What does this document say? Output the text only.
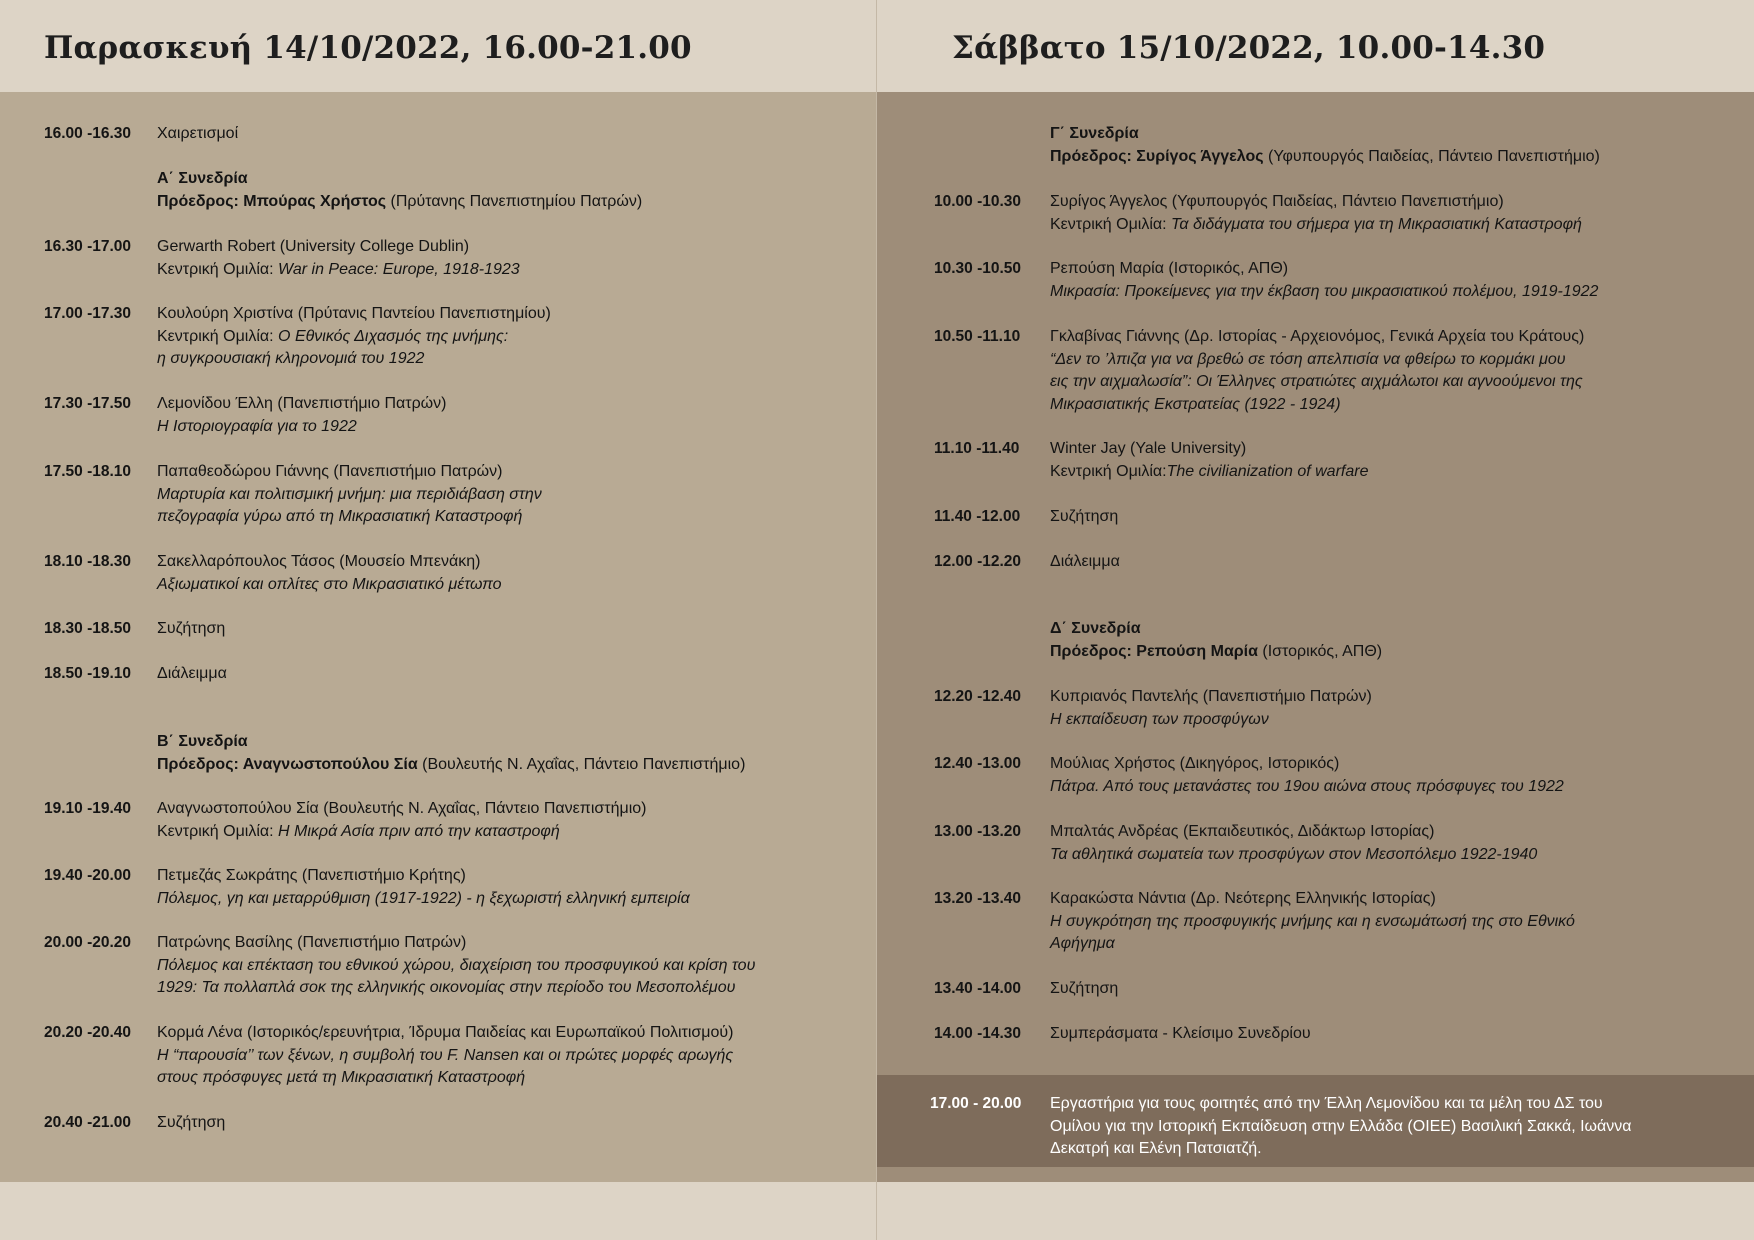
Παρασκευή 14/10/2022, 16.00-21.00
16.00 -16.30 Χαιρετισμοί
Α΄ Συνεδρία
Πρόεδρος: Μπούρας Χρήστος (Πρύτανης Πανεπιστημίου Πατρών)
16.30 -17.00 Gerwarth Robert (University College Dublin)
Κεντρική Ομιλία: War in Peace: Europe, 1918-1923
17.00 -17.30 Κουλούρη Χριστίνα (Πρύτανις Παντείου Πανεπιστημίου)
Κεντρική Ομιλία: Ο Εθνικός Διχασμός της μνήμης:
η συγκρουσιακή κληρονομιά του 1922
17.30 -17.50 Λεμονίδου Έλλη (Πανεπιστήμιο Πατρών)
Η Ιστοριογραφία για το 1922
17.50 -18.10 Παπαθεοδώρου Γιάννης (Πανεπιστήμιο Πατρών)
Μαρτυρία και πολιτισμική μνήμη: μια περιδιάβαση στην
πεζογραφία γύρω από τη Μικρασιατική Καταστροφή
18.10 -18.30 Σακελλαρόπουλος Τάσος (Μουσείο Μπενάκη)
Αξιωματικοί και οπλίτες στο Μικρασιατικό μέτωπο
18.30 -18.50 Συζήτηση
18.50 -19.10 Διάλειμμα
Β΄ Συνεδρία
Πρόεδρος: Αναγνωστοπούλου Σία (Βουλευτής Ν. Αχαΐας, Πάντειο Πανεπιστήμιο)
19.10 -19.40 Αναγνωστοπούλου Σία (Βουλευτής Ν. Αχαΐας, Πάντειο Πανεπιστήμιο)
Κεντρική Ομιλία: Η Μικρά Ασία πριν από την καταστροφή
19.40 -20.00 Πετμεζάς Σωκράτης (Πανεπιστήμιο Κρήτης)
Πόλεμος, γη και μεταρρύθμιση (1917-1922) - η ξεχωριστή ελληνική εμπειρία
20.00 -20.20 Πατρώνης Βασίλης (Πανεπιστήμιο Πατρών)
Πόλεμος και επέκταση του εθνικού χώρου, διαχείριση του προσφυγικού και κρίση του
1929: Τα πολλαπλά σοκ της ελληνικής οικονομίας στην περίοδο του Μεσοπολέμου
20.20 -20.40 Κορμά Λένα (Ιστορικός/ερευνήτρια, Ίδρυμα Παιδείας και Ευρωπαϊκού Πολιτισμού)
Η “παρουσία’’ των ξένων, η συμβολή του F. Nansen και οι πρώτες μορφές αρωγής
στους πρόσφυγες μετά τη Μικρασιατική Καταστροφή
20.40 -21.00 Συζήτηση
Σάββατο 15/10/2022, 10.00-14.30
Γ΄ Συνεδρία
Πρόεδρος: Συρίγος Άγγελος (Υφυπουργός Παιδείας, Πάντειο Πανεπιστήμιο)
10.00 -10.30 Συρίγος Άγγελος (Υφυπουργός Παιδείας, Πάντειο Πανεπιστήμιο)
Κεντρική Ομιλία: Τα διδάγματα του σήμερα για τη Μικρασιατική Καταστροφή
10.30 -10.50 Ρεπούση Μαρία (Ιστορικός, ΑΠΘ)
Μικρασία: Προκείμενες για την έκβαση του μικρασιατικού πολέμου, 1919-1922
10.50 -11.10 Γκλαβίνας Γιάννης (Δρ. Ιστορίας - Αρχειονόμος, Γενικά Αρχεία του Κράτους)
“Δεν το ’λπιζα για να βρεθώ σε τόση απελπισία να φθείρω το κορμάκι μου
εις την αιχμαλωσία”: Οι Έλληνες στρατιώτες αιχμάλωτοι και αγνοούμενοι της
Μικρασιατικής Εκστρατείας (1922 - 1924)
11.10 -11.40 Winter Jay (Yale University)
Κεντρική Ομιλία:The civilianization of warfare
11.40 -12.00 Συζήτηση
12.00 -12.20 Διάλειμμα
Δ΄ Συνεδρία
Πρόεδρος: Ρεπούση Μαρία (Ιστορικός, ΑΠΘ)
12.20 -12.40 Κυπριανός Παντελής (Πανεπιστήμιο Πατρών)
Η εκπαίδευση των προσφύγων
12.40 -13.00 Μούλιας Χρήστος (Δικηγόρος, Ιστορικός)
Πάτρα. Από τους μετανάστες του 19ου αιώνα στους πρόσφυγες του 1922
13.00 -13.20 Μπαλτάς Ανδρέας (Εκπαιδευτικός, Διδάκτωρ Ιστορίας)
Τα αθλητικά σωματεία των προσφύγων στον Μεσοπόλεμο 1922-1940
13.20 -13.40 Καρακώστα Νάντια (Δρ. Νεότερης Ελληνικής Ιστορίας)
Η συγκρότηση της προσφυγικής μνήμης και η ενσωμάτωσή της στο Εθνικό
Αφήγημα
13.40 -14.00 Συζήτηση
14.00 -14.30 Συμπεράσματα - Κλείσιμο Συνεδρίου
17.00 - 20.00 Εργαστήρια για τους φοιτητές από την Έλλη Λεμονίδου και τα μέλη του ΔΣ του
Ομίλου για την Ιστορική Εκπαίδευση στην Ελλάδα (ΟΙΕΕ) Βασιλική Σακκά, Ιωάννα
Δεκατρή και Ελένη Πατσιατζή.
